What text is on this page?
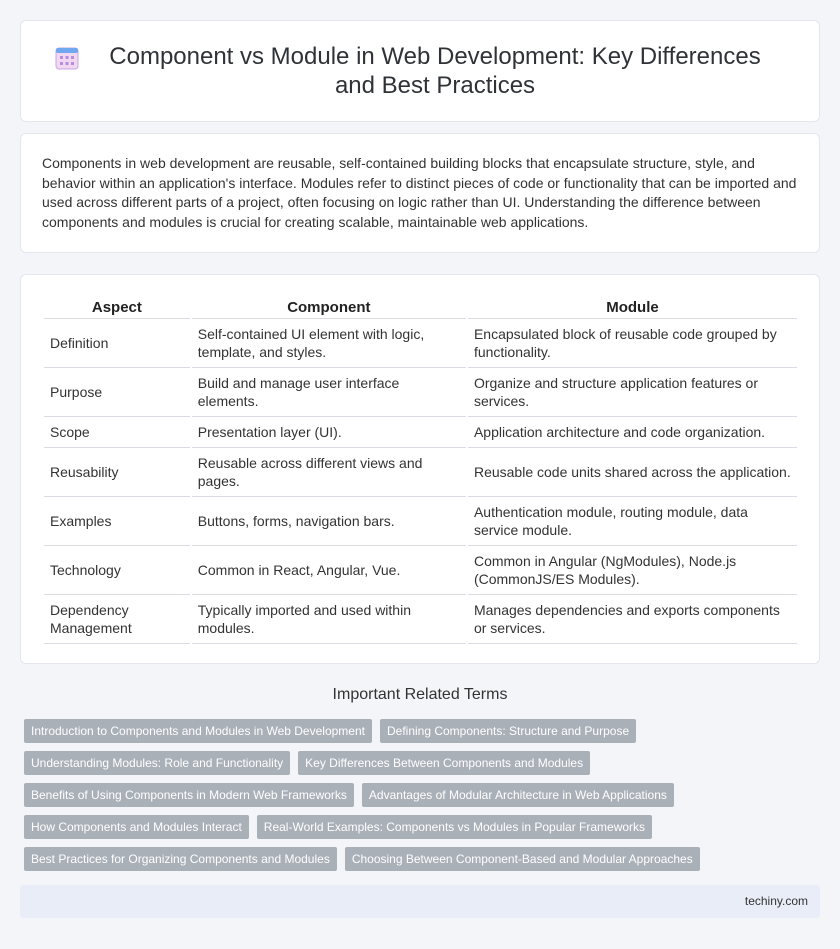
Component vs Module in Web Development: Key Differences and Best Practices

Components in web development are reusable, self-contained building blocks that encapsulate structure, style, and behavior within an application's interface. Modules refer to distinct pieces of code or functionality that can be imported and used across different parts of a project, often focusing on logic rather than UI. Understanding the difference between components and modules is crucial for creating scalable, maintainable web applications.

Aspect	Component	Module
Definition	Self-contained UI element with logic, template, and styles.	Encapsulated block of reusable code grouped by functionality.
Purpose	Build and manage user interface elements.	Organize and structure application features or services.
Scope	Presentation layer (UI).	Application architecture and code organization.
Reusability	Reusable across different views and pages.	Reusable code units shared across the application.
Examples	Buttons, forms, navigation bars.	Authentication module, routing module, data service module.
Technology	Common in React, Angular, Vue.	Common in Angular (NgModules), Node.js (CommonJS/ES Modules).
Dependency Management	Typically imported and used within modules.	Manages dependencies and exports components or services.
Important Related Terms
Introduction to Components and Modules in Web Development	Defining Components: Structure and Purpose
Understanding Modules: Role and Functionality	Key Differences Between Components and Modules
Benefits of Using Components in Modern Web Frameworks	Advantages of Modular Architecture in Web Applications
How Components and Modules Interact	Real-World Examples: Components vs Modules in Popular Frameworks
Best Practices for Organizing Components and Modules	Choosing Between Component-Based and Modular Approaches
techiny.com
